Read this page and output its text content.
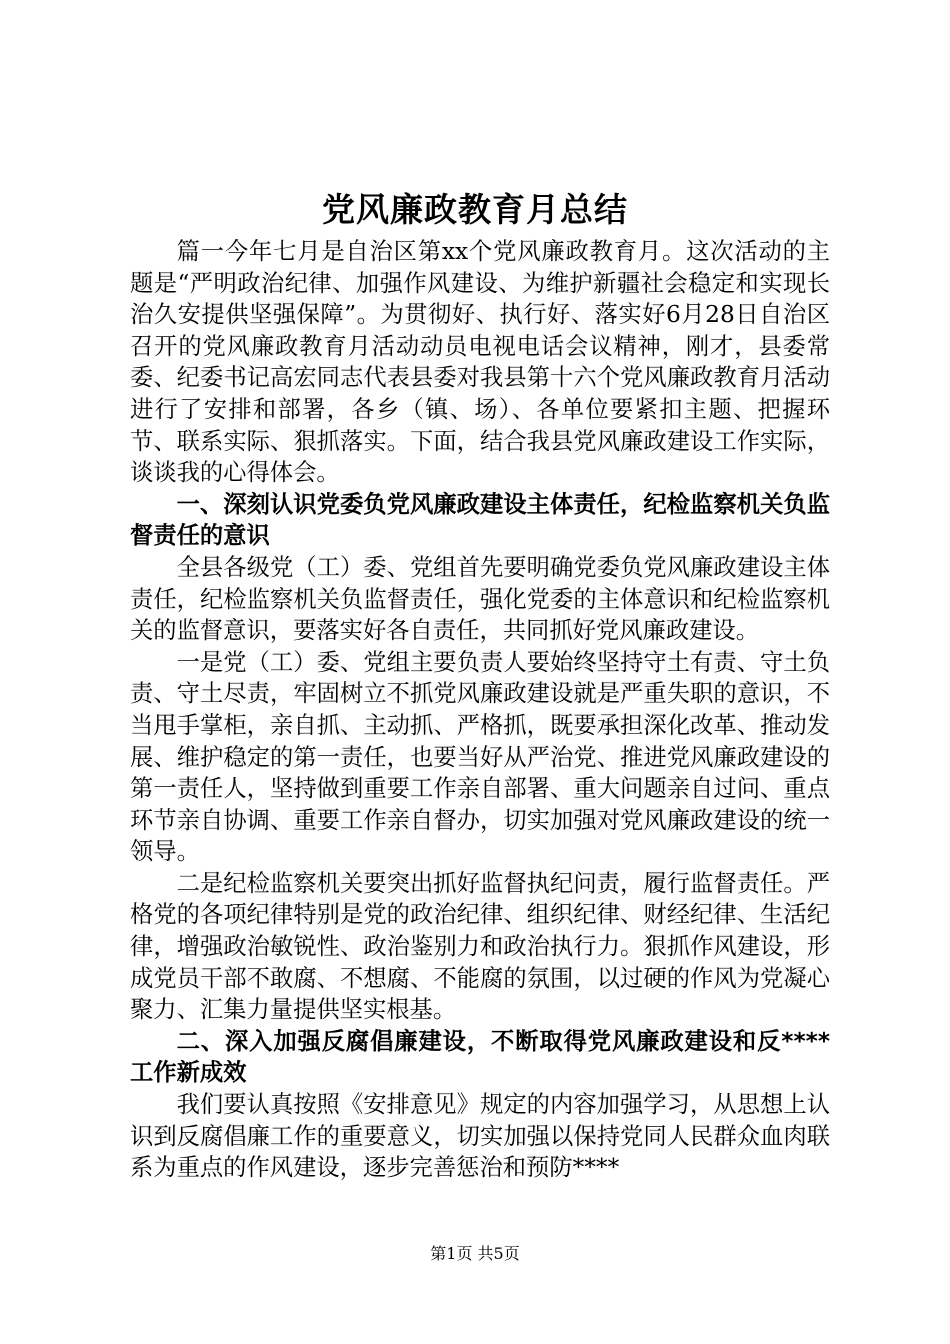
党风廉政教育月总结

篇一今年七月是自治区第xx个党风廉政教育月。这次活动的主题是“严明政治纪律、加强作风建设、为维护新疆社会稳定和实现长治久安提供坚强保障”。为贯彻好、执行好、落实好6月28日自治区召开的党风廉政教育月活动动员电视电话会议精神，刚才，县委常委、纪委书记高宏同志代表县委对我县第十六个党风廉政教育月活动进行了安排和部署，各乡（镇、场）、各单位要紧扣主题、把握环节、联系实际、狠抓落实。下面，结合我县党风廉政建设工作实际，谈谈我的心得体会。

一、深刻认识党委负党风廉政建设主体责任，纪检监察机关负监督责任的意识

全县各级党（工）委、党组首先要明确党委负党风廉政建设主体责任，纪检监察机关负监督责任，强化党委的主体意识和纪检监察机关的监督意识，要落实好各自责任，共同抓好党风廉政建设。

一是党（工）委、党组主要负责人要始终坚持守土有责、守土负责、守土尽责，牢固树立不抓党风廉政建设就是严重失职的意识，不当甩手掌柜，亲自抓、主动抓、严格抓，既要承担深化改革、推动发展、维护稳定的第一责任，也要当好从严治党、推进党风廉政建设的第一责任人，坚持做到重要工作亲自部署、重大问题亲自过问、重点环节亲自协调、重要工作亲自督办，切实加强对党风廉政建设的统一领导。

二是纪检监察机关要突出抓好监督执纪问责，履行监督责任。严格党的各项纪律特别是党的政治纪律、组织纪律、财经纪律、生活纪律，增强政治敏锐性、政治鉴别力和政治执行力。狠抓作风建设，形成党员干部不敢腐、不想腐、不能腐的氛围，以过硬的作风为党凝心聚力、汇集力量提供坚实根基。

二、深入加强反腐倡廉建设，不断取得党风廉政建设和反****工作新成效

我们要认真按照《安排意见》规定的内容加强学习，从思想上认识到反腐倡廉工作的重要意义，切实加强以保持党同人民群众血肉联系为重点的作风建设，逐步完善惩治和预防****

第1页 共5页
